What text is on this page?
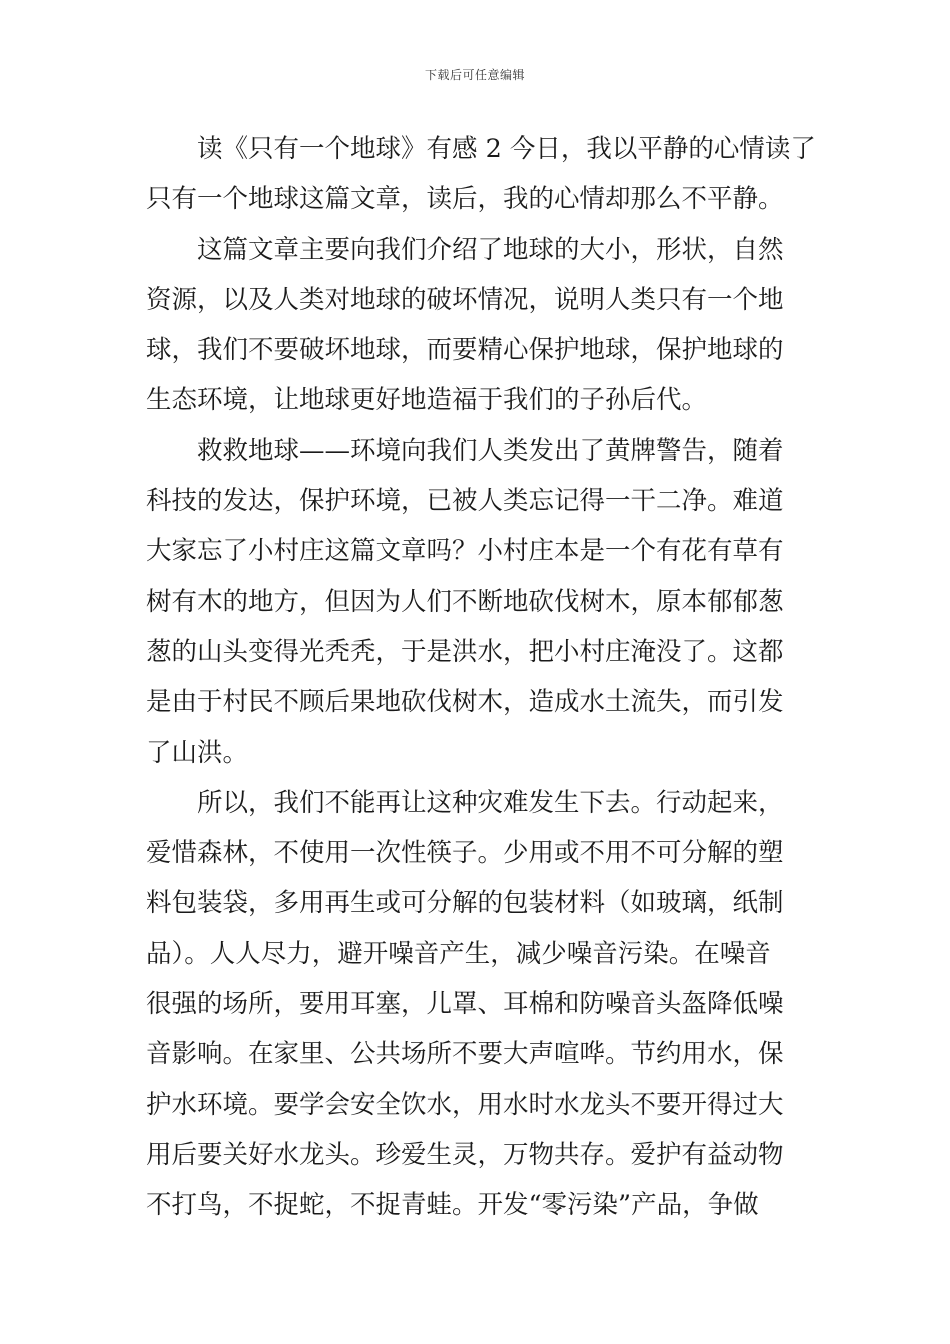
下载后可任意编辑
读《只有一个地球》有感 2 今日，我以平静的心情读了
只有一个地球这篇文章，读后，我的心情却那么不平静。
这篇文章主要向我们介绍了地球的大小，形状，自然
资源，以及人类对地球的破坏情况，说明人类只有一个地
球，我们不要破坏地球，而要精心保护地球，保护地球的
生态环境，让地球更好地造福于我们的子孙后代。
救救地球——环境向我们人类发出了黄牌警告，随着
科技的发达，保护环境，已被人类忘记得一干二净。难道
大家忘了小村庄这篇文章吗？小村庄本是一个有花有草有
树有木的地方，但因为人们不断地砍伐树木，原本郁郁葱
葱的山头变得光秃秃，于是洪水，把小村庄淹没了。这都
是由于村民不顾后果地砍伐树木，造成水土流失，而引发
了山洪。
所以，我们不能再让这种灾难发生下去。行动起来，
爱惜森林，不使用一次性筷子。少用或不用不可分解的塑
料包装袋，多用再生或可分解的包装材料（如玻璃，纸制
品）。人人尽力，避开噪音产生，减少噪音污染。在噪音
很强的场所，要用耳塞，儿罩、耳棉和防噪音头盔降低噪
音影响。在家里、公共场所不要大声喧哗。节约用水，保
护水环境。要学会安全饮水，用水时水龙头不要开得过大
用后要关好水龙头。珍爱生灵，万物共存。爱护有益动物
不打鸟，不捉蛇，不捉青蛙。开发“零污染”产品，争做
